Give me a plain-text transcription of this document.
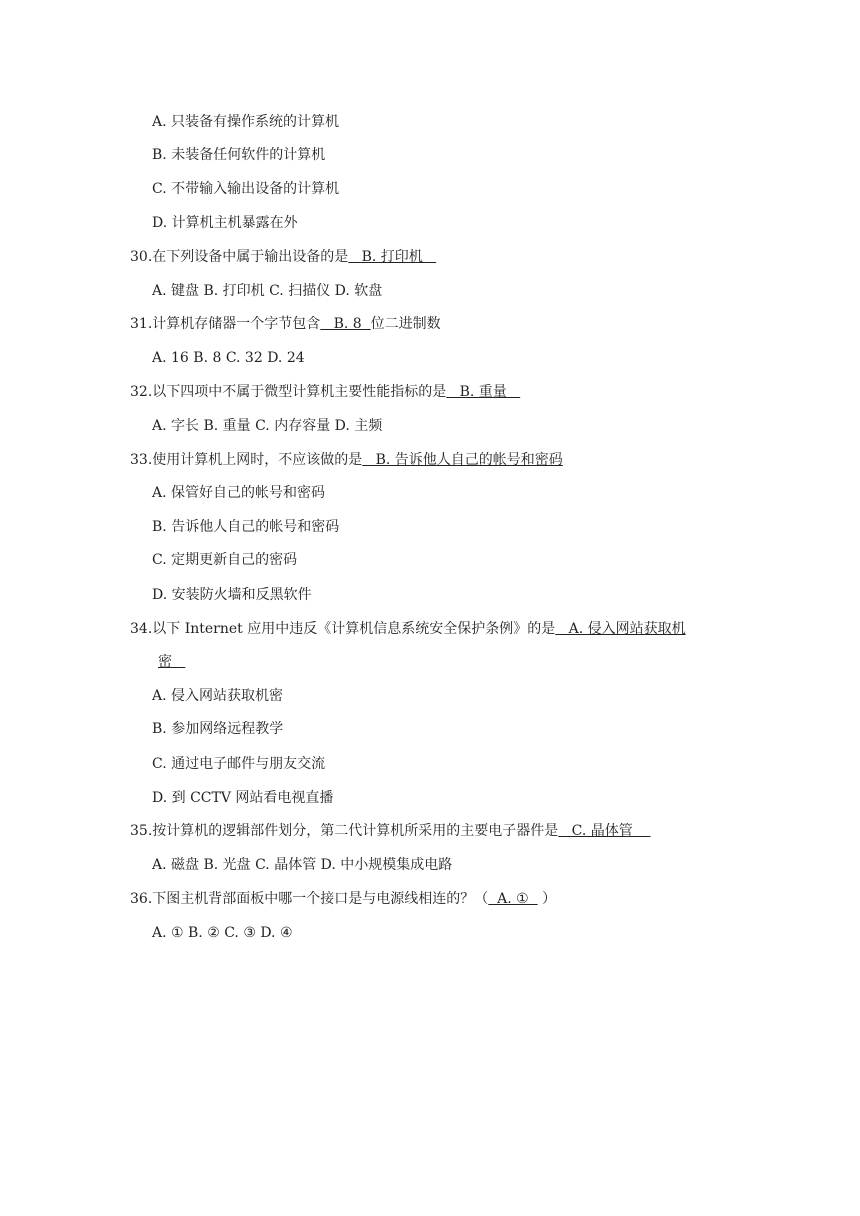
A. 只装备有操作系统的计算机
B. 未装备任何软件的计算机
C. 不带输入输出设备的计算机
D. 计算机主机暴露在外
30.在下列设备中属于输出设备的是   B. 打印机
A. 键盘 B. 打印机 C. 扫描仪 D. 软盘
31.计算机存储器一个字节包含   B. 8  位二进制数
A. 16 B. 8 C. 32 D. 24
32.以下四项中不属于微型计算机主要性能指标的是   B. 重量
A. 字长 B. 重量 C. 内存容量 D. 主频
33.使用计算机上网时，不应该做的是   B. 告诉他人自己的帐号和密码
A. 保管好自己的帐号和密码
B. 告诉他人自己的帐号和密码
C. 定期更新自己的密码
D. 安装防火墙和反黑软件
34.以下 Internet 应用中违反《计算机信息系统安全保护条例》的是   A. 侵入网站获取机
密
A. 侵入网站获取机密
B. 参加网络远程教学
C. 通过电子邮件与朋友交流
D. 到 CCTV 网站看电视直播
35.按计算机的逻辑部件划分，第二代计算机所采用的主要电子器件是   C. 晶体管
A. 磁盘 B. 光盘 C. 晶体管 D. 中小规模集成电路
36.下图主机背部面板中哪一个接口是与电源线相连的？（  A. ①   ）
A. ① B. ② C. ③ D. ④
